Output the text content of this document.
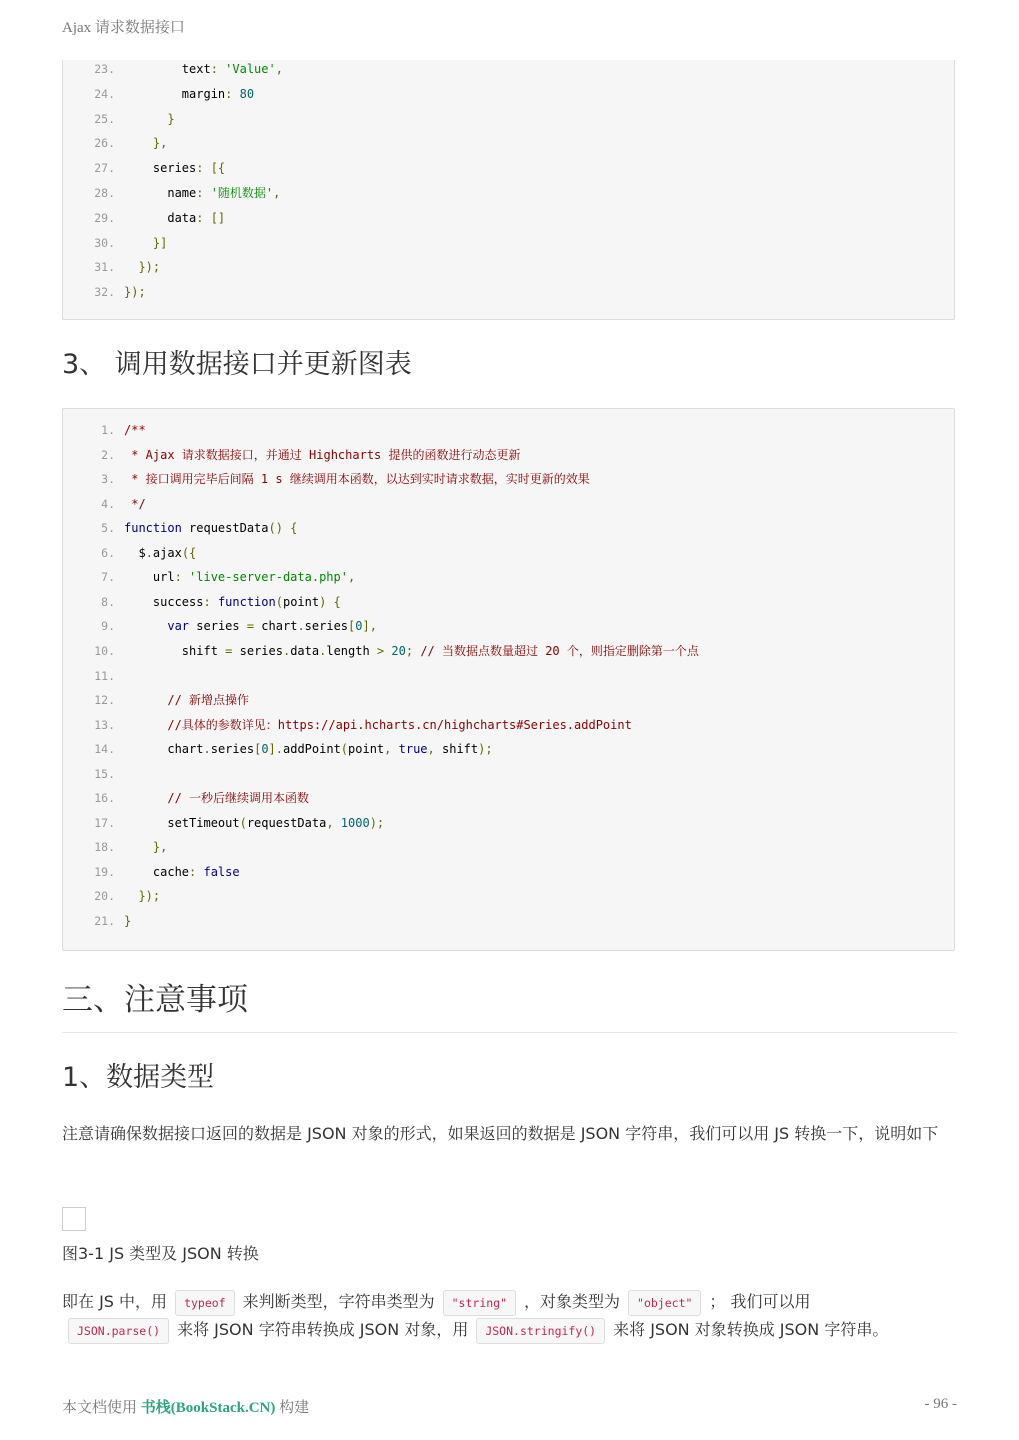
Ajax 请求数据接口
23.        text: 'Value',
24.        margin: 80
25.      }
26.    },
27.    series: [{
28.      name: '随机数据',
29.      data: []
30.    }]
31.  });
32. });
3、 调用数据接口并更新图表
1. /**
2. * Ajax 请求数据接口，并通过 Highcharts 提供的函数进行动态更新
3. * 接口调用完毕后间隔 1 s 继续调用本函数，以达到实时请求数据，实时更新的效果
4. */
5. function requestData() {
6.  $.ajax({
7.    url: 'live-server-data.php',
8.    success: function(point) {
9.	var series = chart.series[0],
10.        shift = series.data.length > 20; // 当数据点数量超过 20 个，则指定删除第一个点
11.
12.	// 新增点操作
13.	//具体的参数详见：https://api.hcharts.cn/highcharts#Series.addPoint
14.      chart.series[0].addPoint(point, true, shift);
15.
16.	// 一秒后继续调用本函数
17.      setTimeout(requestData, 1000);
18.    },
19.    cache: false
20.  });
21. }
三、注意事项
1、数据类型
注意请确保数据接口返回的数据是 JSON 对象的形式，如果返回的数据是 JSON 字符串，我们可以用 JS 转换一下，说明如下
图3-1 JS 类型及 JSON 转换
即在 JS 中，用 typeof 来判断类型，字符串类型为 "string" ，对象类型为 "object" ； 我们可以用
JSON.parse() 来将 JSON 字符串转换成 JSON 对象，用 JSON.stringify() 来将 JSON 对象转换成 JSON 字符串。
本文档使用 书栈(BookStack.CN) 构建	- 96 -
